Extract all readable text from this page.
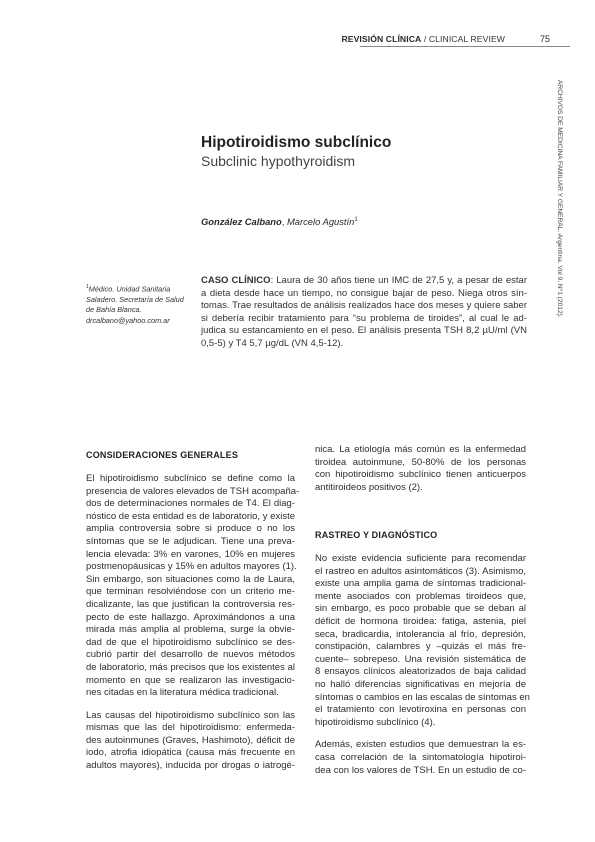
REVISIÓN CLÍNICA / CLINICAL REVIEW	75
ARCHIVOS DE MEDICINA FAMILIAR Y GENERAL. Argentina. Vol 9, N°1 (2012).
Hipotiroidismo subclínico
Subclinic hypothyroidism
González Calbano, Marcelo Agustín$^1$
$^1$Médico. Unidad Sanitaria
Saladero. Secretaría de Salud
de Bahía Blanca.
drcalbano@yahoo.com.ar
CASO CLÍNICO: Laura de 30 años tiene un IMC de 27,5 y, a pesar de estar
a dieta desde hace un tiempo, no consigue bajar de peso. Niega otros sín-
tomas. Trae resultados de análisis realizados hace dos meses y quiere saber
si debería recibir tratamiento para “su problema de tiroides”, al cual le ad-
judica su estancamiento en el peso. El análisis presenta TSH 8,2 µU/ml (VN
0,5-5) y T4 5,7 µg/dL (VN 4,5-12).
CONSIDERACIONES GENERALES
El hipotiroidismo subclínico se define como la
presencia de valores elevados de TSH acompaña-
dos de determinaciones normales de T4. El diag-
nóstico de esta entidad es de laboratorio, y existe
amplia controversia sobre si produce o no los
síntomas que se le adjudican. Tiene una preva-
lencia elevada: 3% en varones, 10% en mujeres
postmenopáusicas y 15% en adultos mayores (1).
Sin embargo, son situaciones como la de Laura,
que terminan resolviéndose con un criterio me-
dicalizante, las que justifican la controversia res-
pecto de este hallazgo. Aproximándonos a una
mirada más amplia al problema, surge la obvie-
dad de que el hipotiroidismo subclínico se des-
cubrió partir del desarrollo de nuevos métodos
de laboratorio, más precisos que los existentes al
momento en que se realizaron las investigacio-
nes citadas en la literatura médica tradicional.
Las causas del hipotiroidismo subclínico son las
mismas que las del hipotiroidismo: enfermeda-
des autoinmunes (Graves, Hashimoto), déficit de
iodo, atrofia idiopática (causa más frecuente en
adultos mayores), inducida por drogas o iatrogé-
nica. La etiología más común es la enfermedad
tiroidea autoinmune, 50-80% de los personas
con hipotiroidismo subclínico tienen anticuerpos
antitiroideos positivos (2).
RASTREO Y DIAGNÓSTICO
No existe evidencia suficiente para recomendar
el rastreo en adultos asintomáticos (3). Asimismo,
existe una amplia gama de síntomas tradicional-
mente asociados con problemas tiroideos que,
sin embargo, es poco probable que se deban al
déficit de hormona tiroidea: fatiga, astenia, piel
seca, bradicardia, intolerancia al frío, depresión,
constipación, calambres y –quizás el más fre-
cuente– sobrepeso. Una revisión sistemática de
8 ensayos clínicos aleatorizados de baja calidad
no halló diferencias significativas en mejoría de
síntomas o cambios en las escalas de síntomas en
el tratamiento con levotiroxina en personas con
hipotiroidismo subclínico (4).
Además, existen estudios que demuestran la es-
casa correlación de la sintomatología hipotiroi-
dea con los valores de TSH. En un estudio de co-
